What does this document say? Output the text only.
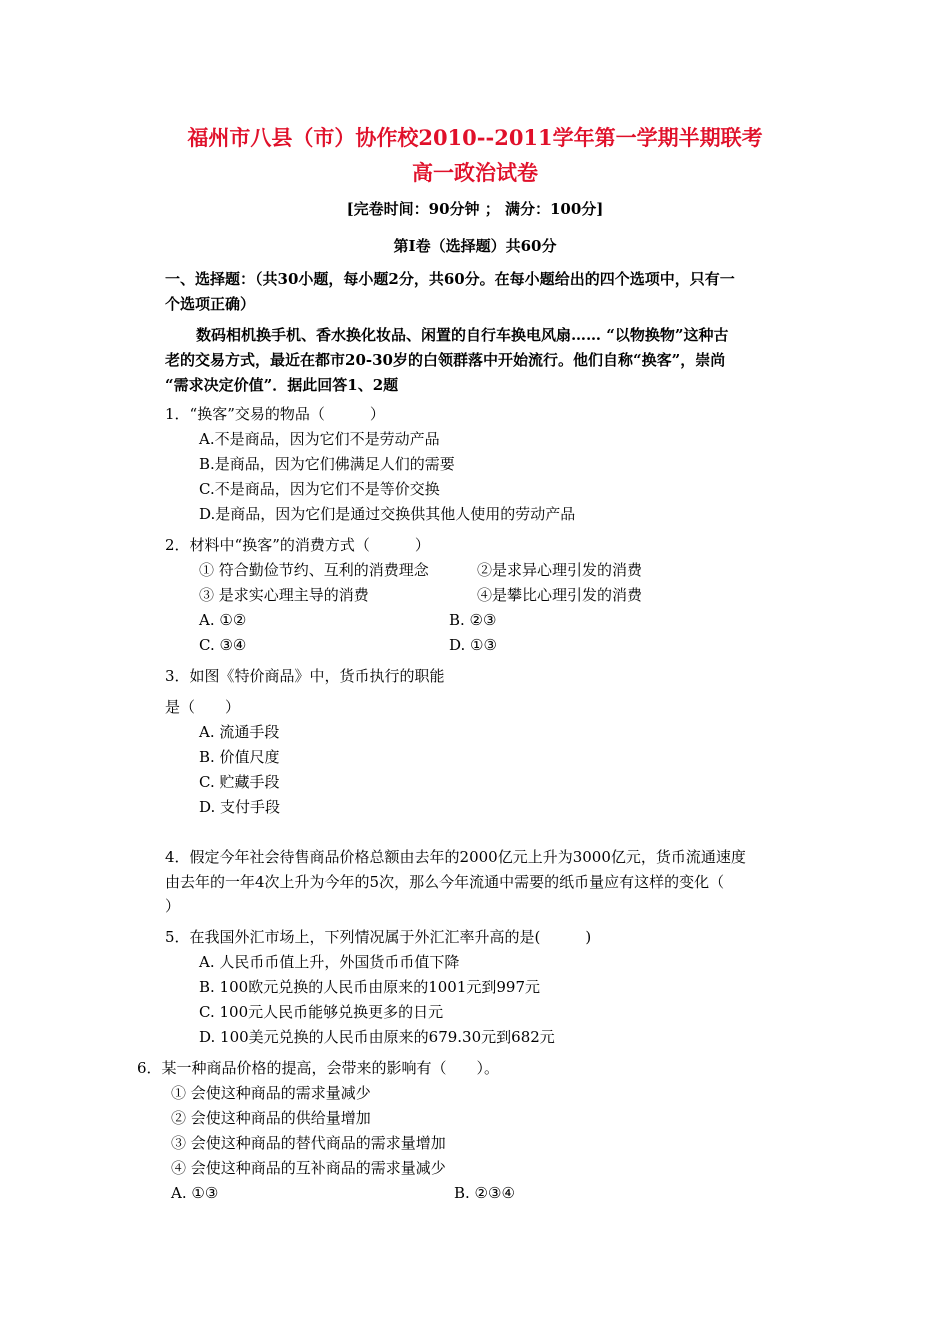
福州市八县（市）协作校2010--2011学年第一学期半期联考
高一政治试卷
[完卷时间：90分钟 ； 满分：100分]
第Ⅰ卷（选择题）共60分
一、选择题：（共30小题，每小题2分，共60分。在每小题给出的四个选项中，只有一
个选项正确）
数码相机换手机、香水换化妆品、闲置的自行车换电风扇…… “以物换物”这种古
老的交易方式，最近在都市20-30岁的白领群落中开始流行。他们自称“换客”，崇尚
“需求决定价值”．据此回答1、2题
1．“换客”交易的物品（　　　）
A.不是商品，因为它们不是劳动产品
B.是商品，因为它们佛满足人们的需要
C.不是商品，因为它们不是等价交换
D.是商品，因为它们是通过交换供其他人使用的劳动产品
2．材料中“换客”的消费方式（　　　）
① 符合勤俭节约、互利的消费理念	②是求异心理引发的消费
③ 是求实心理主导的消费	④是攀比心理引发的消费
A. ①②	B. ②③
C. ③④	D. ①③
3．如图《特价商品》中，货币执行的职能
是（　　）
A. 流通手段
B. 价值尺度
C. 贮藏手段
D. 支付手段
4．假定今年社会待售商品价格总额由去年的2000亿元上升为3000亿元，货币流通速度
由去年的一年4次上升为今年的5次，那么今年流通中需要的纸币量应有这样的变化（
）
5．在我国外汇市场上，下列情况属于外汇汇率升高的是(　　　)
A. 人民币币值上升，外国货币币值下降
B. 100欧元兑换的人民币由原来的1001元到997元
C. 100元人民币能够兑换更多的日元
D. 100美元兑换的人民币由原来的679.30元到682元
6．某一种商品价格的提高，会带来的影响有（　　）。
① 会使这种商品的需求量减少
② 会使这种商品的供给量增加
③ 会使这种商品的替代商品的需求量增加
④ 会使这种商品的互补商品的需求量减少
A. ①③	B. ②③④
